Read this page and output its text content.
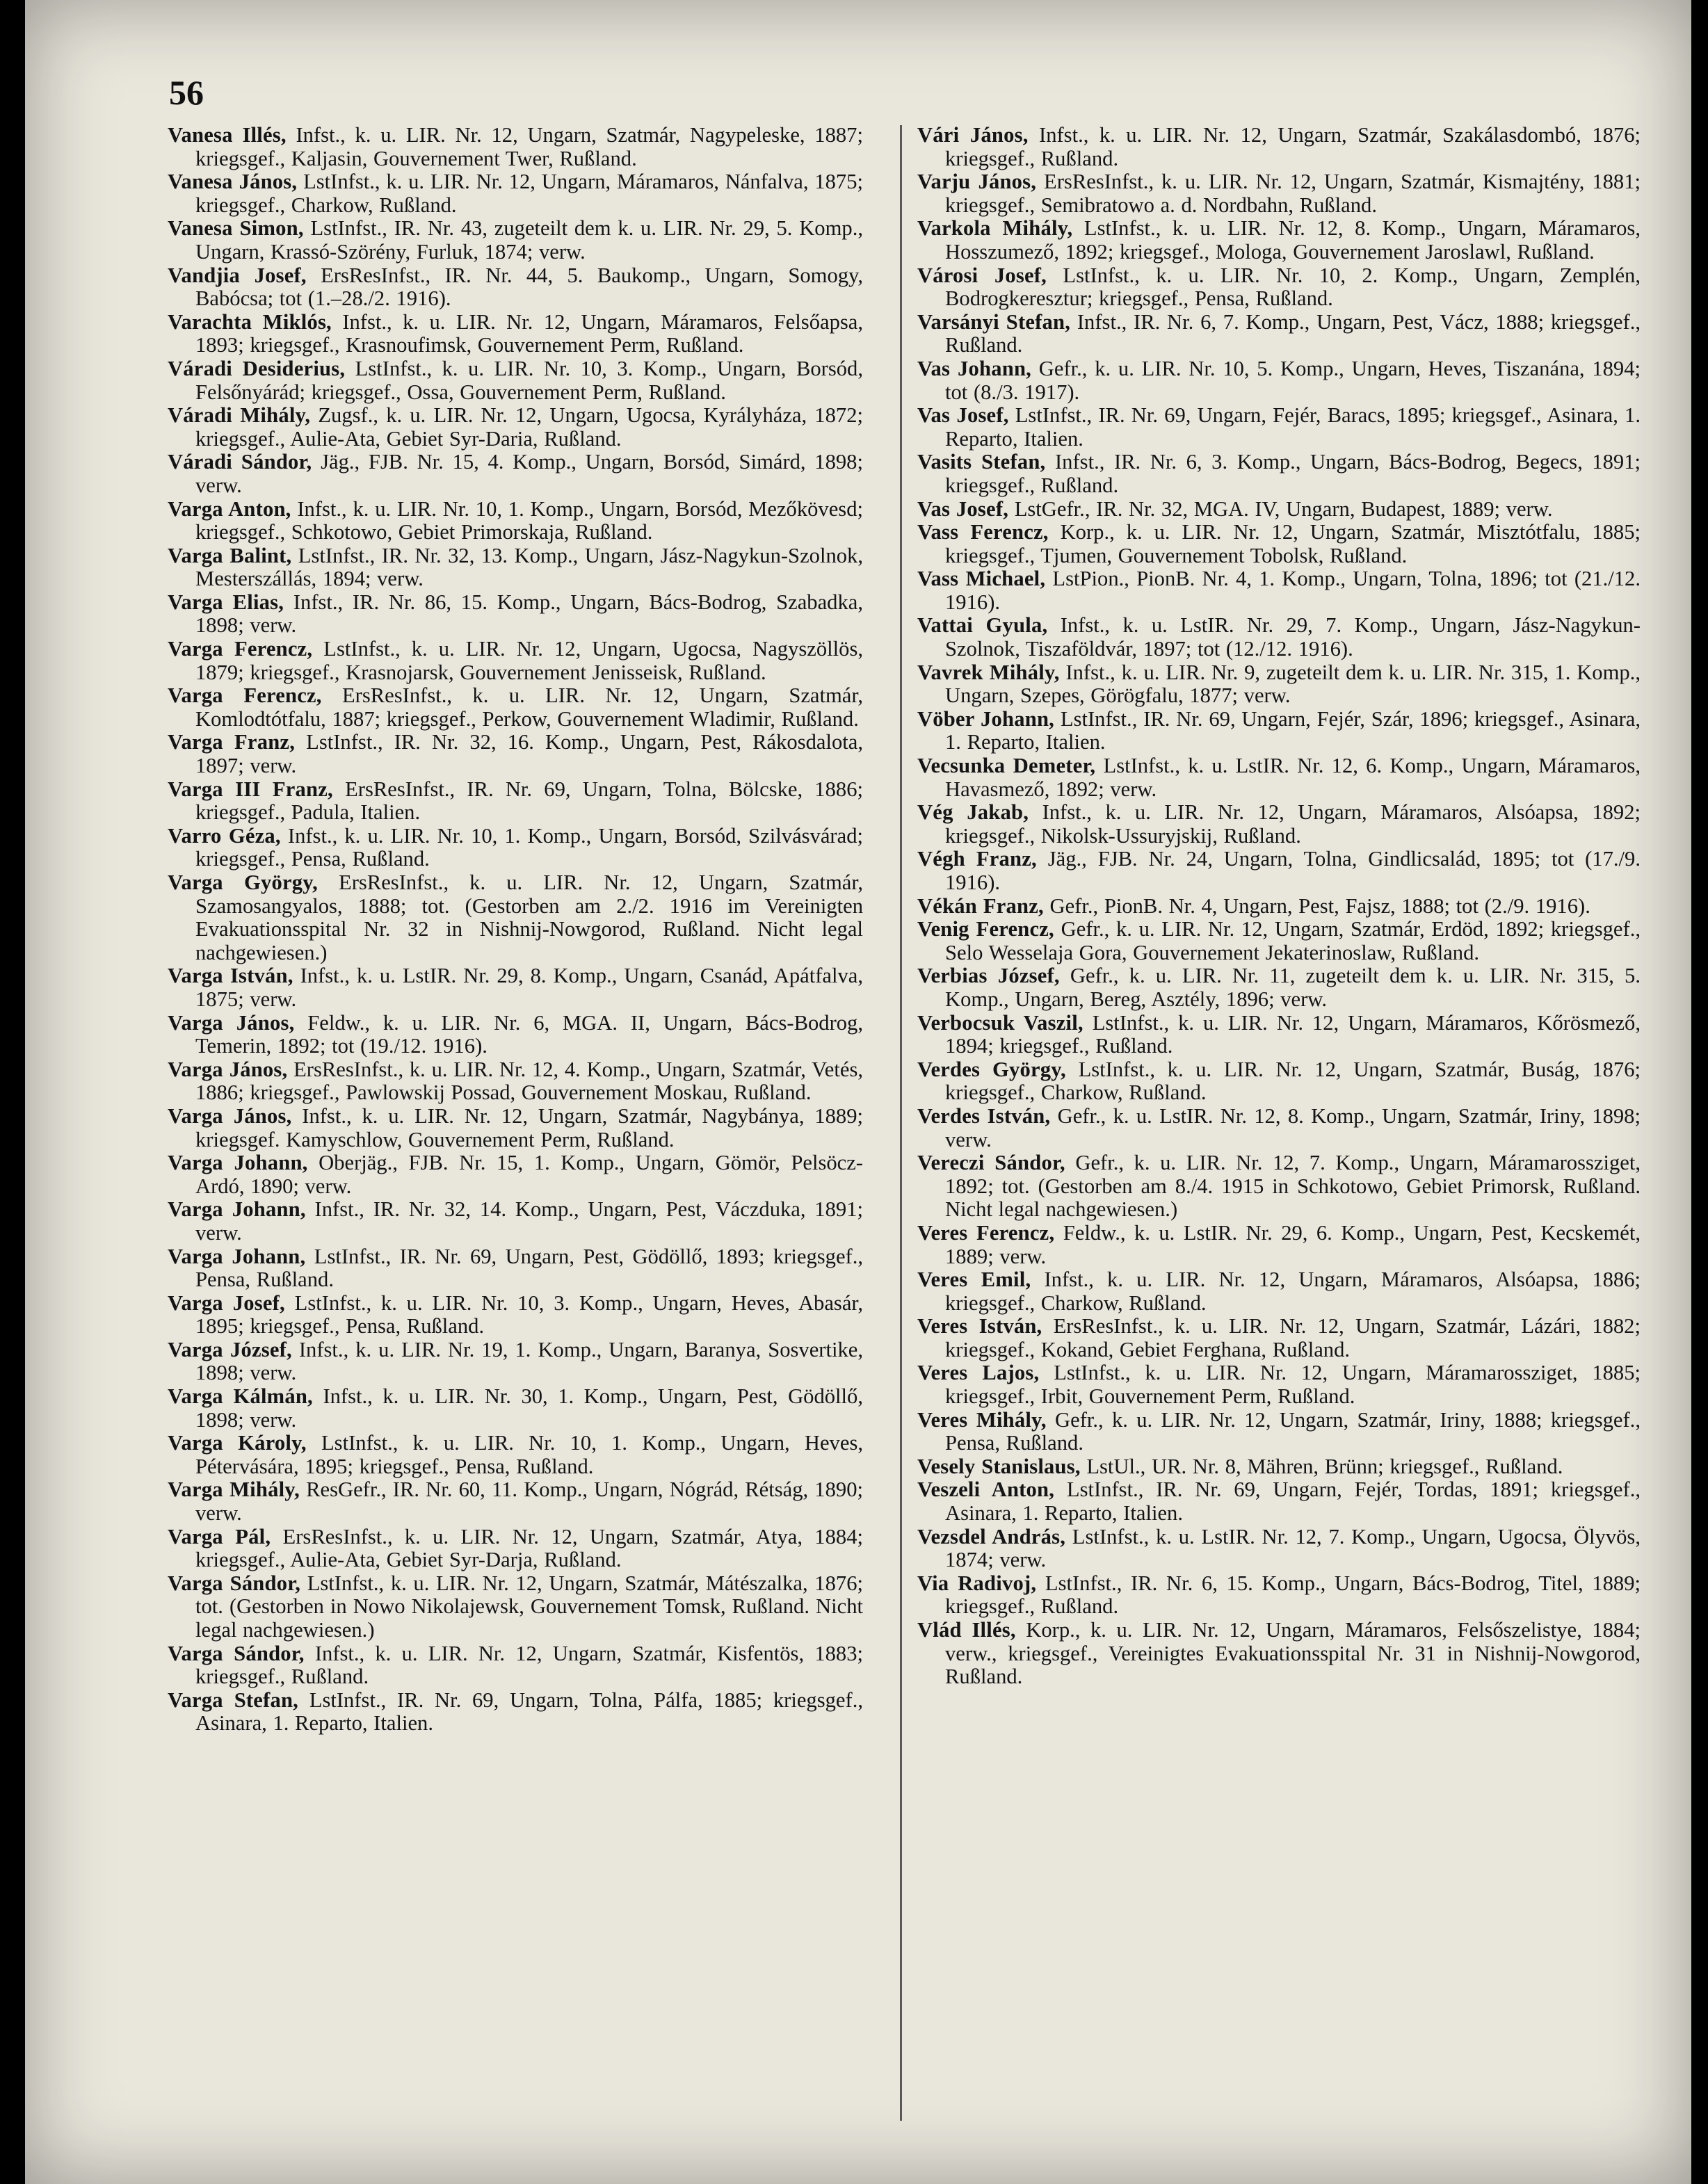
56

Vanesa Illés, Infst., k. u. LIR. Nr. 12, Ungarn, Szatmár, Nagypeleske, 1887; kriegsgef., Kaljasin, Gouvernement Twer, Rußland.

Vanesa János, LstInfst., k. u. LIR. Nr. 12, Ungarn, Máramaros, Nánfalva, 1875; kriegsgef., Charkow, Rußland.

Vanesa Simon, LstInfst., IR. Nr. 43, zugeteilt dem k. u. LIR. Nr. 29, 5. Komp., Ungarn, Krassó-Szörény, Furluk, 1874; verw.

Vandjia Josef, ErsResInfst., IR. Nr. 44, 5. Baukomp., Ungarn, Somogy, Babócsa; tot (1.–28./2. 1916).

Varachta Miklós, Infst., k. u. LIR. Nr. 12, Ungarn, Máramaros, Felsőapsa, 1893; kriegsgef., Krasnoufimsk, Gouvernement Perm, Rußland.

Váradi Desiderius, LstInfst., k. u. LIR. Nr. 10, 3. Komp., Ungarn, Borsód, Felsőnyárád; kriegsgef., Ossa, Gouvernement Perm, Rußland.

Váradi Mihály, Zugsf., k. u. LIR. Nr. 12, Ungarn, Ugocsa, Kyrályháza, 1872; kriegsgef., Aulie-Ata, Gebiet Syr-Daria, Rußland.

Váradi Sándor, Jäg., FJB. Nr. 15, 4. Komp., Ungarn, Borsód, Simárd, 1898; verw.

Varga Anton, Infst., k. u. LIR. Nr. 10, 1. Komp., Ungarn, Borsód, Mezőkövesd; kriegsgef., Schkotowo, Gebiet Primorskaja, Rußland.

Varga Balint, LstInfst., IR. Nr. 32, 13. Komp., Ungarn, Jász-Nagykun-Szolnok, Mesterszállás, 1894; verw.

Varga Elias, Infst., IR. Nr. 86, 15. Komp., Ungarn, Bács-Bodrog, Szabadka, 1898; verw.

Varga Ferencz, LstInfst., k. u. LIR. Nr. 12, Ungarn, Ugocsa, Nagyszöllös, 1879; kriegsgef., Krasnojarsk, Gouvernement Jenisseisk, Rußland.

Varga Ferencz, ErsResInfst., k. u. LIR. Nr. 12, Ungarn, Szatmár, Komlodtótfalu, 1887; kriegsgef., Perkow, Gouvernement Wladimir, Rußland.

Varga Franz, LstInfst., IR. Nr. 32, 16. Komp., Ungarn, Pest, Rákosdalota, 1897; verw.

Varga III Franz, ErsResInfst., IR. Nr. 69, Ungarn, Tolna, Bölcske, 1886; kriegsgef., Padula, Italien.

Varro Géza, Infst., k. u. LIR. Nr. 10, 1. Komp., Ungarn, Borsód, Szilvásvárad; kriegsgef., Pensa, Rußland.

Varga György, ErsResInfst., k. u. LIR. Nr. 12, Ungarn, Szatmár, Szamosangyalos, 1888; tot. (Gestorben am 2./2. 1916 im Vereinigten Evakuationsspital Nr. 32 in Nishnij-Nowgorod, Rußland. Nicht legal nachgewiesen.)

Varga István, Infst., k. u. LstIR. Nr. 29, 8. Komp., Ungarn, Csanád, Apátfalva, 1875; verw.

Varga János, Feldw., k. u. LIR. Nr. 6, MGA. II, Ungarn, Bács-Bodrog, Temerin, 1892; tot (19./12. 1916).

Varga János, ErsResInfst., k. u. LIR. Nr. 12, 4. Komp., Ungarn, Szatmár, Vetés, 1886; kriegsgef., Pawlowskij Possad, Gouvernement Moskau, Rußland.

Varga János, Infst., k. u. LIR. Nr. 12, Ungarn, Szatmár, Nagybánya, 1889; kriegsgef. Kamyschlow, Gouvernement Perm, Rußland.

Varga Johann, Oberjäg., FJB. Nr. 15, 1. Komp., Ungarn, Gömör, Pelsöcz-Ardó, 1890; verw.

Varga Johann, Infst., IR. Nr. 32, 14. Komp., Ungarn, Pest, Váczduka, 1891; verw.

Varga Johann, LstInfst., IR. Nr. 69, Ungarn, Pest, Gödöllő, 1893; kriegsgef., Pensa, Rußland.

Varga Josef, LstInfst., k. u. LIR. Nr. 10, 3. Komp., Ungarn, Heves, Abasár, 1895; kriegsgef., Pensa, Rußland.

Varga József, Infst., k. u. LIR. Nr. 19, 1. Komp., Ungarn, Baranya, Sosvertike, 1898; verw.

Varga Kálmán, Infst., k. u. LIR. Nr. 30, 1. Komp., Ungarn, Pest, Gödöllő, 1898; verw.

Varga Károly, LstInfst., k. u. LIR. Nr. 10, 1. Komp., Ungarn, Heves, Pétervására, 1895; kriegsgef., Pensa, Rußland.

Varga Mihály, ResGefr., IR. Nr. 60, 11. Komp., Ungarn, Nógrád, Rétság, 1890; verw.

Varga Pál, ErsResInfst., k. u. LIR. Nr. 12, Ungarn, Szatmár, Atya, 1884; kriegsgef., Aulie-Ata, Gebiet Syr-Darja, Rußland.

Varga Sándor, LstInfst., k. u. LIR. Nr. 12, Ungarn, Szatmár, Mátészalka, 1876; tot. (Gestorben in Nowo Nikolajewsk, Gouvernement Tomsk, Rußland. Nicht legal nachgewiesen.)

Varga Sándor, Infst., k. u. LIR. Nr. 12, Ungarn, Szatmár, Kisfentös, 1883; kriegsgef., Rußland.

Varga Stefan, LstInfst., IR. Nr. 69, Ungarn, Tolna, Pálfa, 1885; kriegsgef., Asinara, 1. Reparto, Italien.

Vári János, Infst., k. u. LIR. Nr. 12, Ungarn, Szatmár, Szakálasdombó, 1876; kriegsgef., Rußland.

Varju János, ErsResInfst., k. u. LIR. Nr. 12, Ungarn, Szatmár, Kismajtény, 1881; kriegsgef., Semibratowo a. d. Nordbahn, Rußland.

Varkola Mihály, LstInfst., k. u. LIR. Nr. 12, 8. Komp., Ungarn, Máramaros, Hosszumező, 1892; kriegsgef., Mologa, Gouvernement Jaroslawl, Rußland.

Városi Josef, LstInfst., k. u. LIR. Nr. 10, 2. Komp., Ungarn, Zemplén, Bodrogkeresztur; kriegsgef., Pensa, Rußland.

Varsányi Stefan, Infst., IR. Nr. 6, 7. Komp., Ungarn, Pest, Vácz, 1888; kriegsgef., Rußland.

Vas Johann, Gefr., k. u. LIR. Nr. 10, 5. Komp., Ungarn, Heves, Tiszanána, 1894; tot (8./3. 1917).

Vas Josef, LstInfst., IR. Nr. 69, Ungarn, Fejér, Baracs, 1895; kriegsgef., Asinara, 1. Reparto, Italien.

Vasits Stefan, Infst., IR. Nr. 6, 3. Komp., Ungarn, Bács-Bodrog, Begecs, 1891; kriegsgef., Rußland.

Vas Josef, LstGefr., IR. Nr. 32, MGA. IV, Ungarn, Budapest, 1889; verw.

Vass Ferencz, Korp., k. u. LIR. Nr. 12, Ungarn, Szatmár, Misztótfalu, 1885; kriegsgef., Tjumen, Gouvernement Tobolsk, Rußland.

Vass Michael, LstPion., PionB. Nr. 4, 1. Komp., Ungarn, Tolna, 1896; tot (21./12. 1916).

Vattai Gyula, Infst., k. u. LstIR. Nr. 29, 7. Komp., Ungarn, Jász-Nagykun-Szolnok, Tiszaföldvár, 1897; tot (12./12. 1916).

Vavrek Mihály, Infst., k. u. LIR. Nr. 9, zugeteilt dem k. u. LIR. Nr. 315, 1. Komp., Ungarn, Szepes, Görögfalu, 1877; verw.

Vöber Johann, LstInfst., IR. Nr. 69, Ungarn, Fejér, Szár, 1896; kriegsgef., Asinara, 1. Reparto, Italien.

Vecsunka Demeter, LstInfst., k. u. LstIR. Nr. 12, 6. Komp., Ungarn, Máramaros, Havasmező, 1892; verw.

Vég Jakab, Infst., k. u. LIR. Nr. 12, Ungarn, Máramaros, Alsóapsa, 1892; kriegsgef., Nikolsk-Ussuryjskij, Rußland.

Végh Franz, Jäg., FJB. Nr. 24, Ungarn, Tolna, Gindlicsalád, 1895; tot (17./9. 1916).

Vékán Franz, Gefr., PionB. Nr. 4, Ungarn, Pest, Fajsz, 1888; tot (2./9. 1916).

Venig Ferencz, Gefr., k. u. LIR. Nr. 12, Ungarn, Szatmár, Erdöd, 1892; kriegsgef., Selo Wesselaja Gora, Gouvernement Jekaterinoslaw, Rußland.

Verbias József, Gefr., k. u. LIR. Nr. 11, zugeteilt dem k. u. LIR. Nr. 315, 5. Komp., Ungarn, Bereg, Asztély, 1896; verw.

Verbocsuk Vaszil, LstInfst., k. u. LIR. Nr. 12, Ungarn, Máramaros, Kőrösmező, 1894; kriegsgef., Rußland.

Verdes György, LstInfst., k. u. LIR. Nr. 12, Ungarn, Szatmár, Buság, 1876; kriegsgef., Charkow, Rußland.

Verdes István, Gefr., k. u. LstIR. Nr. 12, 8. Komp., Ungarn, Szatmár, Iriny, 1898; verw.

Vereczi Sándor, Gefr., k. u. LIR. Nr. 12, 7. Komp., Ungarn, Máramarossziget, 1892; tot. (Gestorben am 8./4. 1915 in Schkotowo, Gebiet Primorsk, Rußland. Nicht legal nachgewiesen.)

Veres Ferencz, Feldw., k. u. LstIR. Nr. 29, 6. Komp., Ungarn, Pest, Kecskemét, 1889; verw.

Veres Emil, Infst., k. u. LIR. Nr. 12, Ungarn, Máramaros, Alsóapsa, 1886; kriegsgef., Charkow, Rußland.

Veres István, ErsResInfst., k. u. LIR. Nr. 12, Ungarn, Szatmár, Lázári, 1882; kriegsgef., Kokand, Gebiet Ferghana, Rußland.

Veres Lajos, LstInfst., k. u. LIR. Nr. 12, Ungarn, Máramarossziget, 1885; kriegsgef., Irbit, Gouvernement Perm, Rußland.

Veres Mihály, Gefr., k. u. LIR. Nr. 12, Ungarn, Szatmár, Iriny, 1888; kriegsgef., Pensa, Rußland.

Vesely Stanislaus, LstUl., UR. Nr. 8, Mähren, Brünn; kriegsgef., Rußland.

Veszeli Anton, LstInfst., IR. Nr. 69, Ungarn, Fejér, Tordas, 1891; kriegsgef., Asinara, 1. Reparto, Italien.

Vezsdel András, LstInfst., k. u. LstIR. Nr. 12, 7. Komp., Ungarn, Ugocsa, Ölyvös, 1874; verw.

Via Radivoj, LstInfst., IR. Nr. 6, 15. Komp., Ungarn, Bács-Bodrog, Titel, 1889; kriegsgef., Rußland.

Vlád Illés, Korp., k. u. LIR. Nr. 12, Ungarn, Máramaros, Felsőszelistye, 1884; verw., kriegsgef., Vereinigtes Evakuationsspital Nr. 31 in Nishnij-Nowgorod, Rußland.
